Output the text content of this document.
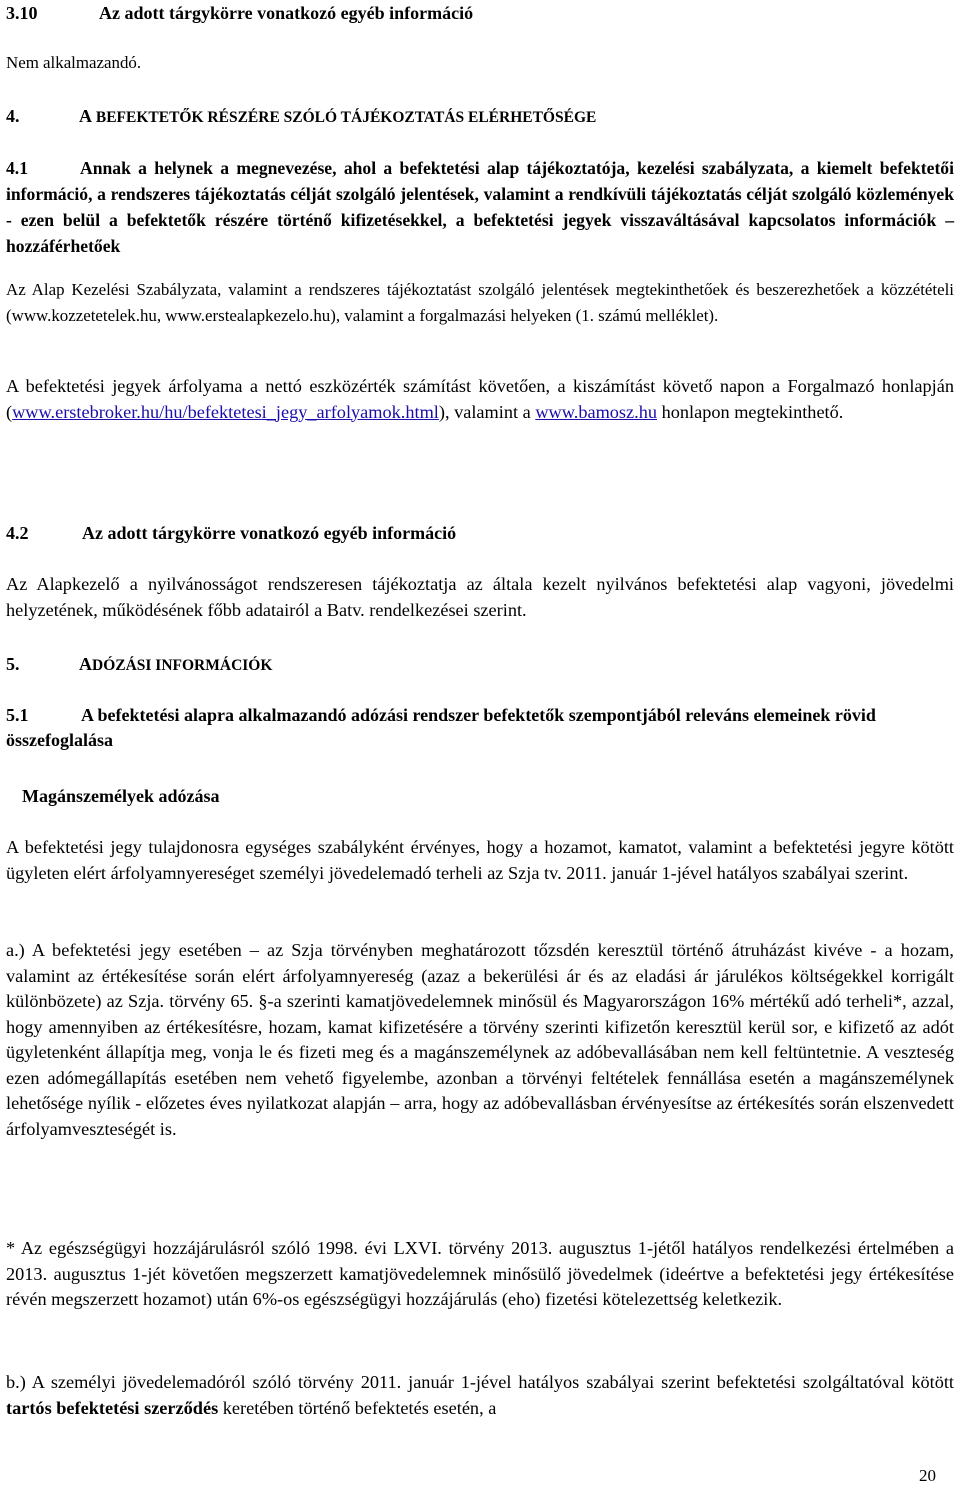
3.10	Az adott tárgykörre vonatkozó egyéb információ
Nem alkalmazandó.
4.	A BEFEKTETŐK RÉSZÉRE SZÓLÓ TÁJÉKOZTATÁS ELÉRHETŐSÉGE
4.1	Annak a helynek a megnevezése, ahol a befektetési alap tájékoztatója, kezelési szabályzata, a kiemelt befektetői információ, a rendszeres tájékoztatás célját szolgáló jelentések, valamint a rendkívüli tájékoztatás célját szolgáló közlemények - ezen belül a befektetők részére történő kifizetésekkel, a befektetési jegyek visszaváltásával kapcsolatos információk – hozzáférhetőek
Az Alap Kezelési Szabályzata, valamint a rendszeres tájékoztatást szolgáló jelentések megtekinthetőek és beszerezhetőek a közzétételi (www.kozzetetelek.hu, www.erstealapkezelo.hu), valamint a forgalmazási helyeken (1. számú melléklet).
A befektetési jegyek árfolyama a nettó eszközérték számítást követően, a kiszámítást követő napon a Forgalmazó honlapján (www.erstebroker.hu/hu/befektetesi_jegy_arfolyamok.html), valamint a www.bamosz.hu honlapon megtekinthető.
4.2	Az adott tárgykörre vonatkozó egyéb információ
Az Alapkezelő a nyilvánosságot rendszeresen tájékoztatja az általa kezelt nyilvános befektetési alap vagyoni, jövedelmi helyzetének, működésének főbb adatairól a Batv. rendelkezései szerint.
5.	ADÓZÁSI INFORMÁCIÓK
5.1	A befektetési alapra alkalmazandó adózási rendszer befektetők szempontjából releváns elemeinek rövid összefoglalása
Magánszemélyek adózása
A befektetési jegy tulajdonosra egységes szabályként érvényes, hogy a hozamot, kamatot, valamint a befektetési jegyre kötött ügyleten elért árfolyamnyereséget személyi jövedelemadó terheli az Szja tv. 2011. január 1-jével hatályos szabályai szerint.
a.) A befektetési jegy esetében – az Szja törvényben meghatározott tőzsdén keresztül történő átruházást kivéve - a hozam, valamint az értékesítése során elért árfolyamnyereség (azaz a bekerülési ár és az eladási ár járulékos költségekkel korrigált különbözete) az Szja. törvény 65. §-a szerinti kamatjövedelemnek minősül és Magyarországon 16% mértékű adó terheli*, azzal, hogy amennyiben az értékesítésre, hozam, kamat kifizetésére a törvény szerinti kifizetőn keresztül kerül sor, e kifizető az adót ügyletenként állapítja meg, vonja le és fizeti meg és a magánszemélynek az adóbevallásában nem kell feltüntetnie. A veszteség ezen adómegállapítás esetében nem vehető figyelembe, azonban a törvényi feltételek fennállása esetén a magánszemélynek lehetősége nyílik - előzetes éves nyilatkozat alapján – arra, hogy az adóbevallásban érvényesítse az értékesítés során elszenvedett árfolyamveszteségét is.
* Az egészségügyi hozzájárulásról szóló 1998. évi LXVI. törvény 2013. augusztus 1-jétől hatályos rendelkezési értelmében a 2013. augusztus 1-jét követően megszerzett kamatjövedelemnek minősülő jövedelmek (ideértve a befektetési jegy értékesítése révén megszerzett hozamot) után 6%-os egészségügyi hozzájárulás (eho) fizetési kötelezettség keletkezik.
b.) A személyi jövedelemadóról szóló törvény 2011. január 1-jével hatályos szabályai szerint befektetési szolgáltatóval kötött tartós befektetési szerződés keretében történő befektetés esetén, a
20
